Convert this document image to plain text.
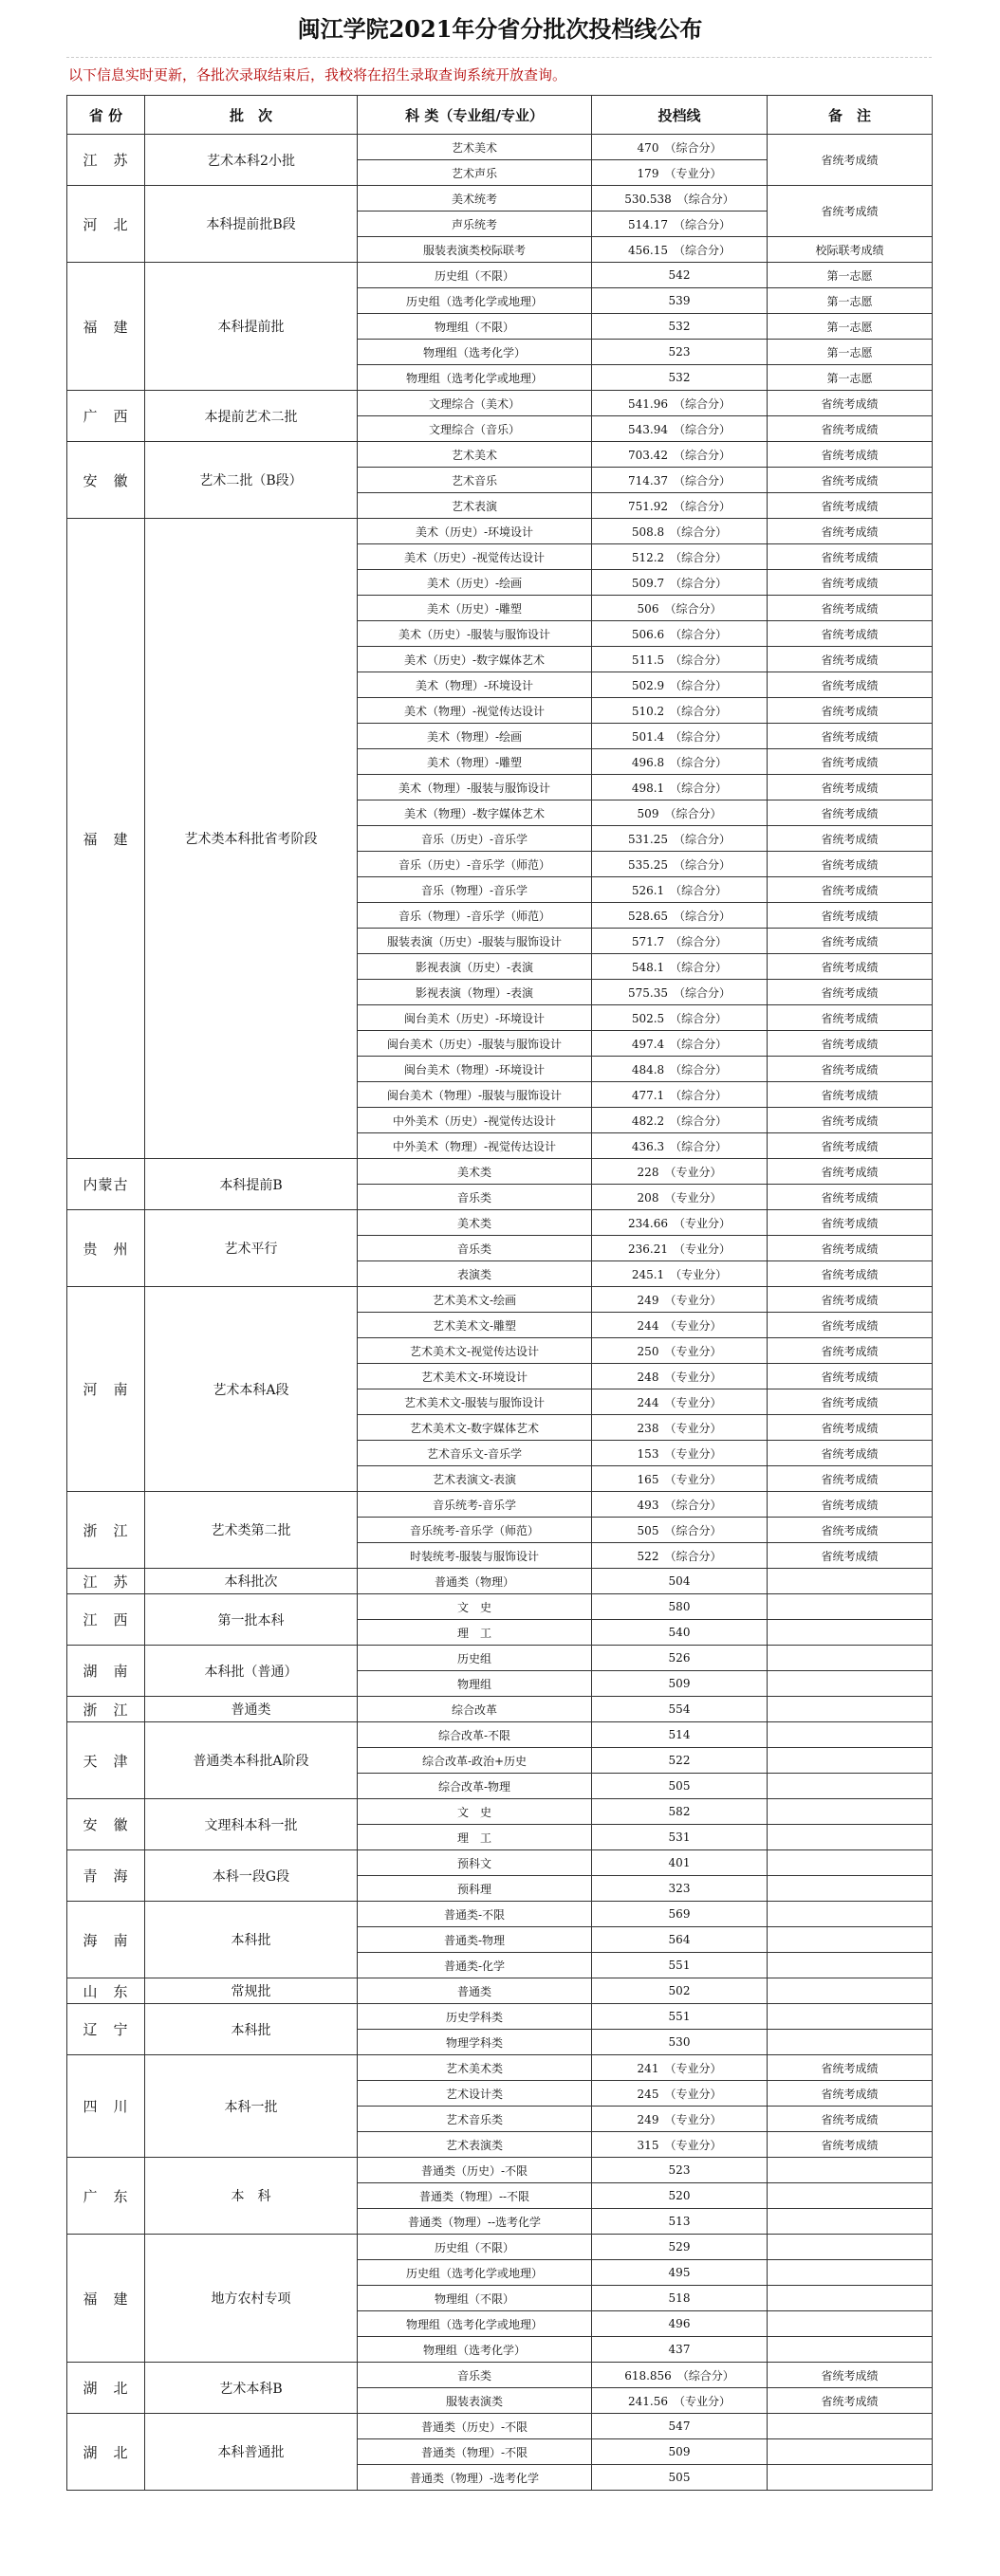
闽江学院2021年分省分批次投档线公布
以下信息实时更新，各批次录取结束后，我校将在招生录取查询系统开放查询。
省 份	批　次	科 类（专业组/专业）	投档线	备　注
江　苏	艺术本科2小批	艺术美术	470　（综合分）	省统考成绩
		艺术声乐	179　（专业分）	
河　北	本科提前批B段	美术统考	530.538　（综合分）	省统考成绩
		声乐统考	514.17　（综合分）	
		服装表演类校际联考	456.15　（综合分）	校际联考成绩
福　建	本科提前批	历史组（不限）	542	第一志愿
		历史组（选考化学或地理）	539	第一志愿
		物理组（不限）	532	第一志愿
		物理组（选考化学）	523	第一志愿
		物理组（选考化学或地理）	532	第一志愿
广　西	本提前艺术二批	文理综合（美术）	541.96　（综合分）	省统考成绩
		文理综合（音乐）	543.94　（综合分）	省统考成绩
安　徽	艺术二批（B段）	艺术美术	703.42　（综合分）	省统考成绩
		艺术音乐	714.37　（综合分）	省统考成绩
		艺术表演	751.92　（综合分）	省统考成绩
福　建	艺术类本科批省考阶段	美术（历史）-环境设计	508.8　（综合分）	省统考成绩
		美术（历史）-视觉传达设计	512.2　（综合分）	省统考成绩
		美术（历史）-绘画	509.7　（综合分）	省统考成绩
		美术（历史）-雕塑	506　（综合分）	省统考成绩
		美术（历史）-服装与服饰设计	506.6　（综合分）	省统考成绩
		美术（历史）-数字媒体艺术	511.5　（综合分）	省统考成绩
		美术（物理）-环境设计	502.9　（综合分）	省统考成绩
		美术（物理）-视觉传达设计	510.2　（综合分）	省统考成绩
		美术（物理）-绘画	501.4　（综合分）	省统考成绩
		美术（物理）-雕塑	496.8　（综合分）	省统考成绩
		美术（物理）-服装与服饰设计	498.1　（综合分）	省统考成绩
		美术（物理）-数字媒体艺术	509　（综合分）	省统考成绩
		音乐（历史）-音乐学	531.25　（综合分）	省统考成绩
		音乐（历史）-音乐学（师范）	535.25　（综合分）	省统考成绩
		音乐（物理）-音乐学	526.1　（综合分）	省统考成绩
		音乐（物理）-音乐学（师范）	528.65　（综合分）	省统考成绩
		服装表演（历史）-服装与服饰设计	571.7　（综合分）	省统考成绩
		影视表演（历史）-表演	548.1　（综合分）	省统考成绩
		影视表演（物理）-表演	575.35　（综合分）	省统考成绩
		闽台美术（历史）-环境设计	502.5　（综合分）	省统考成绩
		闽台美术（历史）-服装与服饰设计	497.4　（综合分）	省统考成绩
		闽台美术（物理）-环境设计	484.8　（综合分）	省统考成绩
		闽台美术（物理）-服装与服饰设计	477.1　（综合分）	省统考成绩
		中外美术（历史）-视觉传达设计	482.2　（综合分）	省统考成绩
		中外美术（物理）-视觉传达设计	436.3　（综合分）	省统考成绩
内蒙古	本科提前B	美术类	228　（专业分）	省统考成绩
		音乐类	208　（专业分）	省统考成绩
贵　州	艺术平行	美术类	234.66　（专业分）	省统考成绩
		音乐类	236.21　（专业分）	省统考成绩
		表演类	245.1　（专业分）	省统考成绩
河　南	艺术本科A段	艺术美术文-绘画	249　（专业分）	省统考成绩
		艺术美术文-雕塑	244　（专业分）	省统考成绩
		艺术美术文-视觉传达设计	250　（专业分）	省统考成绩
		艺术美术文-环境设计	248　（专业分）	省统考成绩
		艺术美术文-服装与服饰设计	244　（专业分）	省统考成绩
		艺术美术文-数字媒体艺术	238　（专业分）	省统考成绩
		艺术音乐文-音乐学	153　（专业分）	省统考成绩
		艺术表演文-表演	165　（专业分）	省统考成绩
浙　江	艺术类第二批	音乐统考-音乐学	493　（综合分）	省统考成绩
		音乐统考-音乐学（师范）	505　（综合分）	省统考成绩
		时装统考-服装与服饰设计	522　（综合分）	省统考成绩
江　苏	本科批次	普通类（物理）	504	
江　西	第一批本科	文　史	580	
		理　工	540	
湖　南	本科批（普通）	历史组	526	
		物理组	509	
浙　江	普通类	综合改革	554	
天　津	普通类本科批A阶段	综合改革-不限	514	
		综合改革-政治+历史	522	
		综合改革-物理	505	
安　徽	文理科本科一批	文　史	582	
		理　工	531	
青　海	本科一段G段	预科文	401	
		预科理	323	
海　南	本科批	普通类-不限	569	
		普通类-物理	564	
		普通类-化学	551	
山　东	常规批	普通类	502	
辽　宁	本科批	历史学科类	551	
		物理学科类	530	
四　川	本科一批	艺术美术类	241　（专业分）	省统考成绩
		艺术设计类	245　（专业分）	省统考成绩
		艺术音乐类	249　（专业分）	省统考成绩
		艺术表演类	315　（专业分）	省统考成绩
广　东	本　科	普通类（历史）-不限	523	
		普通类（物理）--不限	520	
		普通类（物理）--选考化学	513	
福　建	地方农村专项	历史组（不限）	529	
		历史组（选考化学或地理）	495	
		物理组（不限）	518	
		物理组（选考化学或地理）	496	
		物理组（选考化学）	437	
湖　北	艺术本科B	音乐类	618.856　（综合分）	省统考成绩
		服装表演类	241.56　（专业分）	省统考成绩
湖　北	本科普通批	普通类（历史）-不限	547	
		普通类（物理）-不限	509	
		普通类（物理）-选考化学	505	
